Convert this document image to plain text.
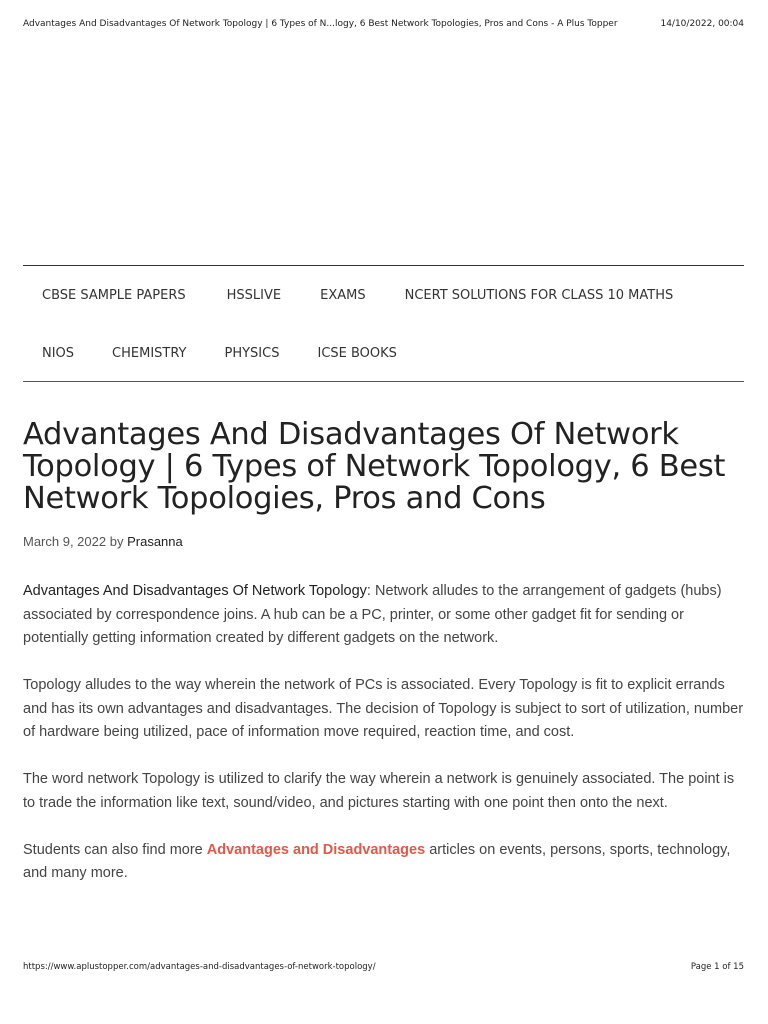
Advantages And Disadvantages Of Network Topology | 6 Types of N...logy, 6 Best Network Topologies, Pros and Cons - A Plus Topper	14/10/2022, 00:04
CBSE SAMPLE PAPERS	HSSLIVE	EXAMS	NCERT SOLUTIONS FOR CLASS 10 MATHS
NIOS	CHEMISTRY	PHYSICS	ICSE BOOKS
Advantages And Disadvantages Of Network Topology | 6 Types of Network Topology, 6 Best Network Topologies, Pros and Cons
March 9, 2022 by Prasanna

Advantages And Disadvantages Of Network Topology: Network alludes to the arrangement of gadgets (hubs) associated by correspondence joins. A hub can be a PC, printer, or some other gadget fit for sending or potentially getting information created by different gadgets on the network.

Topology alludes to the way wherein the network of PCs is associated. Every Topology is fit to explicit errands and has its own advantages and disadvantages. The decision of Topology is subject to sort of utilization, number of hardware being utilized, pace of information move required, reaction time, and cost.

The word network Topology is utilized to clarify the way wherein a network is genuinely associated. The point is to trade the information like text, sound/video, and pictures starting with one point then onto the next.

Students can also find more Advantages and Disadvantages articles on events, persons, sports, technology, and many more.

https://www.aplustopper.com/advantages-and-disadvantages-of-network-topology/	Page 1 of 15
